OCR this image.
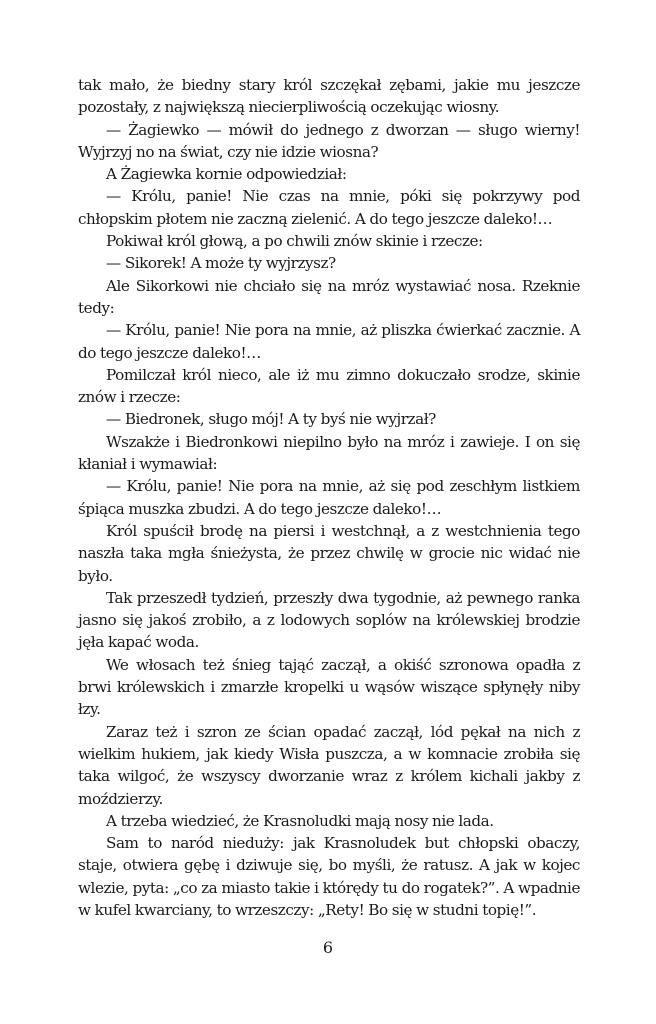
tak mało, że biedny stary król szczękał zębami, jakie mu jeszcze pozostały, z największą niecierpliwością oczekując wiosny.

— Żagiewko — mówił do jednego z dworzan — sługo wierny! Wyjrzyj no na świat, czy nie idzie wiosna?

A Żagiewka kornie odpowiedział:

— Królu, panie! Nie czas na mnie, póki się pokrzywy pod chłopskim płotem nie zaczną zielenić. A do tego jeszcze daleko!…

Pokiwał król głową, a po chwili znów skinie i rzecze:

— Sikorek! A może ty wyjrzysz?

Ale Sikorkowi nie chciało się na mróz wystawiać nosa. Rzeknie tedy:

— Królu, panie! Nie pora na mnie, aż pliszka ćwierkać zacznie. A do tego jeszcze daleko!…

Pomilczał król nieco, ale iż mu zimno dokuczało srodze, skinie znów i rzecze:

— Biedronek, sługo mój! A ty byś nie wyjrzał?

Wszakże i Biedronkowi niepilno było na mróz i zawieje. I on się kłaniał i wymawiał:

— Królu, panie! Nie pora na mnie, aż się pod zeschłym listkiem śpiąca muszka zbudzi. A do tego jeszcze daleko!…

Król spuścił brodę na piersi i westchnął, a z westchnienia tego naszła taka mgła śnieżysta, że przez chwilę w grocie nic widać nie było.

Tak przeszedł tydzień, przeszły dwa tygodnie, aż pewnego ranka jasno się jakoś zrobiło, a z lodowych soplów na królewskiej brodzie jęła kapać woda.

We włosach też śnieg tająć zaczął, a okiść szronowa opadła z brwi królewskich i zmarzłe kropelki u wąsów wiszące spłynęły niby łzy.

Zaraz też i szron ze ścian opadać zaczął, lód pękał na nich z wielkim hukiem, jak kiedy Wisła puszcza, a w komnacie zrobiła się taka wilgoć, że wszyscy dworzanie wraz z królem kichali jakby z moździerzy.

A trzeba wiedzieć, że Krasnoludki mają nosy nie lada.

Sam to naród nieduży: jak Krasnoludek but chłopski obaczy, staje, otwiera gębę i dziwuje się, bo myśli, że ratusz. A jak w kojec wlezie, pyta: „co za miasto takie i którędy tu do rogatek?”. A wpadnie w kufel kwarciany, to wrzeszczy: „Rety! Bo się w studni topię!”.

6
